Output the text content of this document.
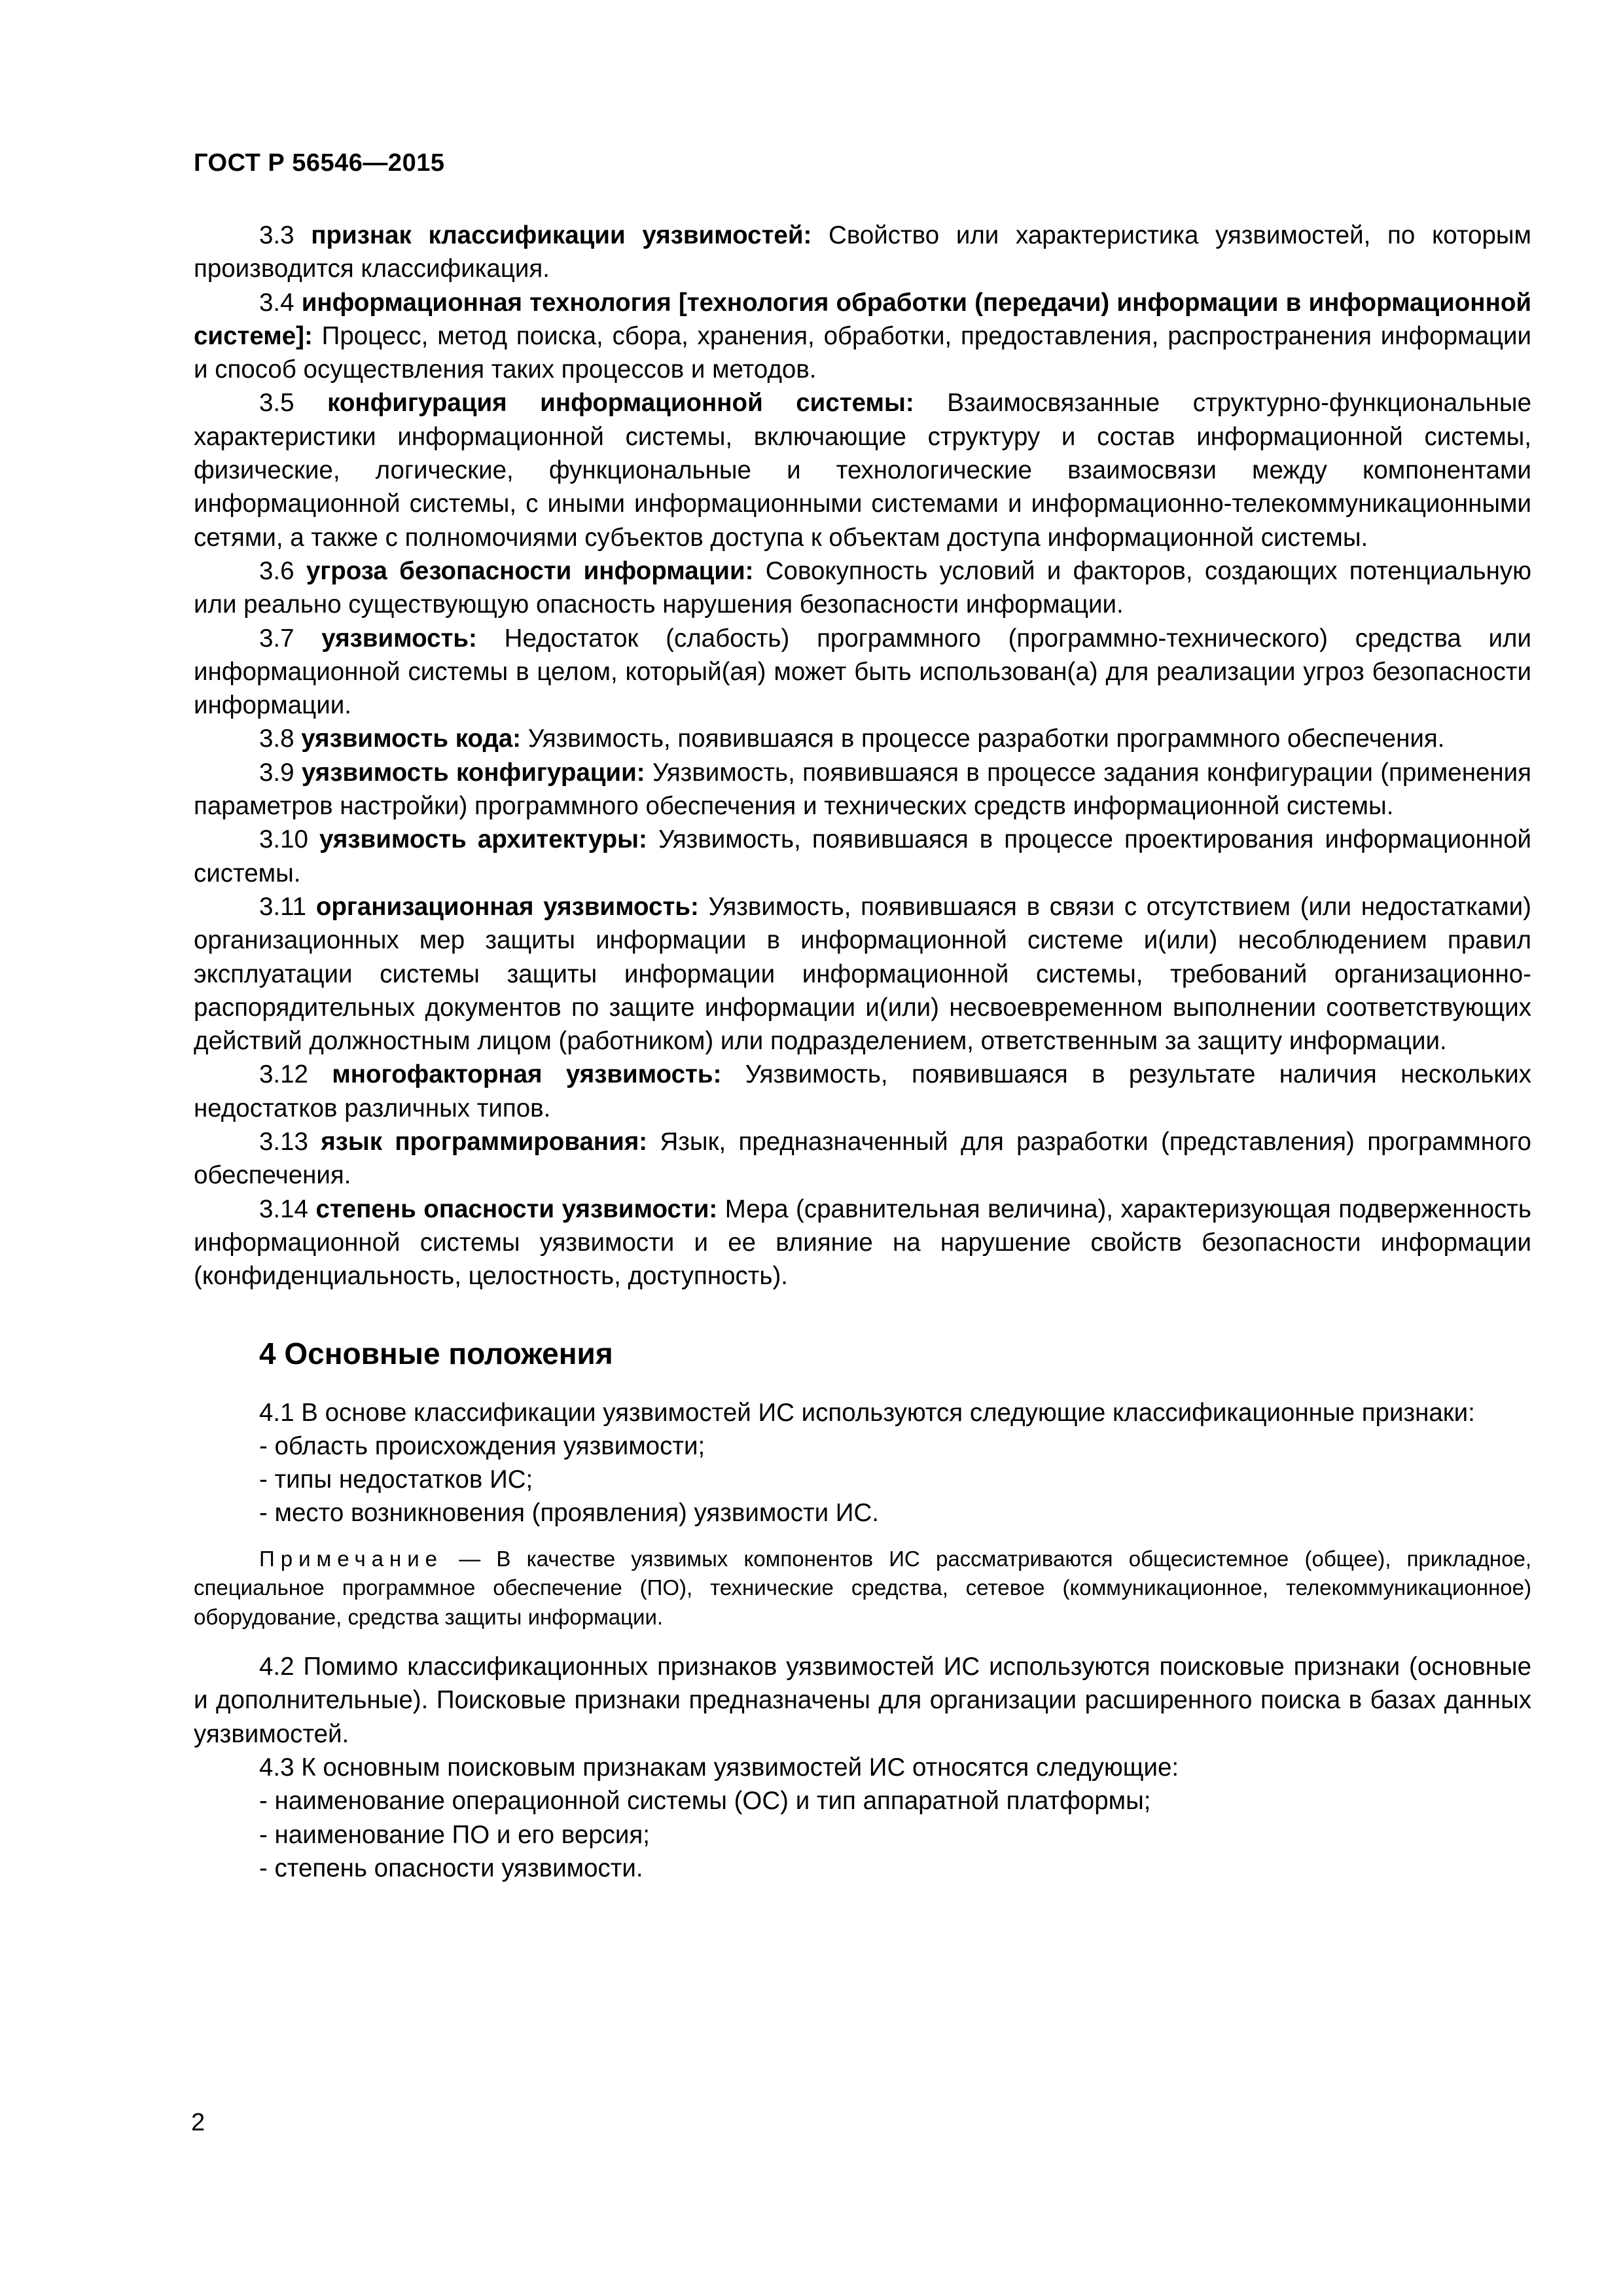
ГОСТ Р 56546—2015

3.3 признак классификации уязвимостей: Свойство или характеристика уязвимостей, по которым производится классификация.

3.4 информационная технология [технология обработки (передачи) информации в информационной системе]: Процесс, метод поиска, сбора, хранения, обработки, предоставления, распространения информации и способ осуществления таких процессов и методов.

3.5 конфигурация информационной системы: Взаимосвязанные структурно-функциональные характеристики информационной системы, включающие структуру и состав информационной системы, физические, логические, функциональные и технологические взаимосвязи между компонентами информационной системы, с иными информационными системами и информационно-телекоммуникационными сетями, а также с полномочиями субъектов доступа к объектам доступа информационной системы.

3.6 угроза безопасности информации: Совокупность условий и факторов, создающих потенциальную или реально существующую опасность нарушения безопасности информации.

3.7 уязвимость: Недостаток (слабость) программного (программно-технического) средства или информационной системы в целом, который(ая) может быть использован(а) для реализации угроз безопасности информации.

3.8 уязвимость кода: Уязвимость, появившаяся в процессе разработки программного обеспечения.

3.9 уязвимость конфигурации: Уязвимость, появившаяся в процессе задания конфигурации (применения параметров настройки) программного обеспечения и технических средств информационной системы.

3.10 уязвимость архитектуры: Уязвимость, появившаяся в процессе проектирования информационной системы.

3.11 организационная уязвимость: Уязвимость, появившаяся в связи с отсутствием (или недостатками) организационных мер защиты информации в информационной системе и(или) несоблюдением правил эксплуатации системы защиты информации информационной системы, требований организационно-распорядительных документов по защите информации и(или) несвоевременном выполнении соответствующих действий должностным лицом (работником) или подразделением, ответственным за защиту информации.

3.12 многофакторная уязвимость: Уязвимость, появившаяся в результате наличия нескольких недостатков различных типов.

3.13 язык программирования: Язык, предназначенный для разработки (представления) программного обеспечения.

3.14 степень опасности уязвимости: Мера (сравнительная величина), характеризующая подверженность информационной системы уязвимости и ее влияние на нарушение свойств безопасности информации (конфиденциальность, целостность, доступность).

4 Основные положения

4.1 В основе классификации уязвимостей ИС используются следующие классификационные признаки:

- область происхождения уязвимости;
- типы недостатков ИС;
- место возникновения (проявления) уязвимости ИС.

Примечание — В качестве уязвимых компонентов ИС рассматриваются общесистемное (общее), прикладное, специальное программное обеспечение (ПО), технические средства, сетевое (коммуникационное, телекоммуникационное) оборудование, средства защиты информации.

4.2 Помимо классификационных признаков уязвимостей ИС используются поисковые признаки (основные и дополнительные). Поисковые признаки предназначены для организации расширенного поиска в базах данных уязвимостей.

4.3 К основным поисковым признакам уязвимостей ИС относятся следующие:

- наименование операционной системы (ОС) и тип аппаратной платформы;
- наименование ПО и его версия;
- степень опасности уязвимости.
2
